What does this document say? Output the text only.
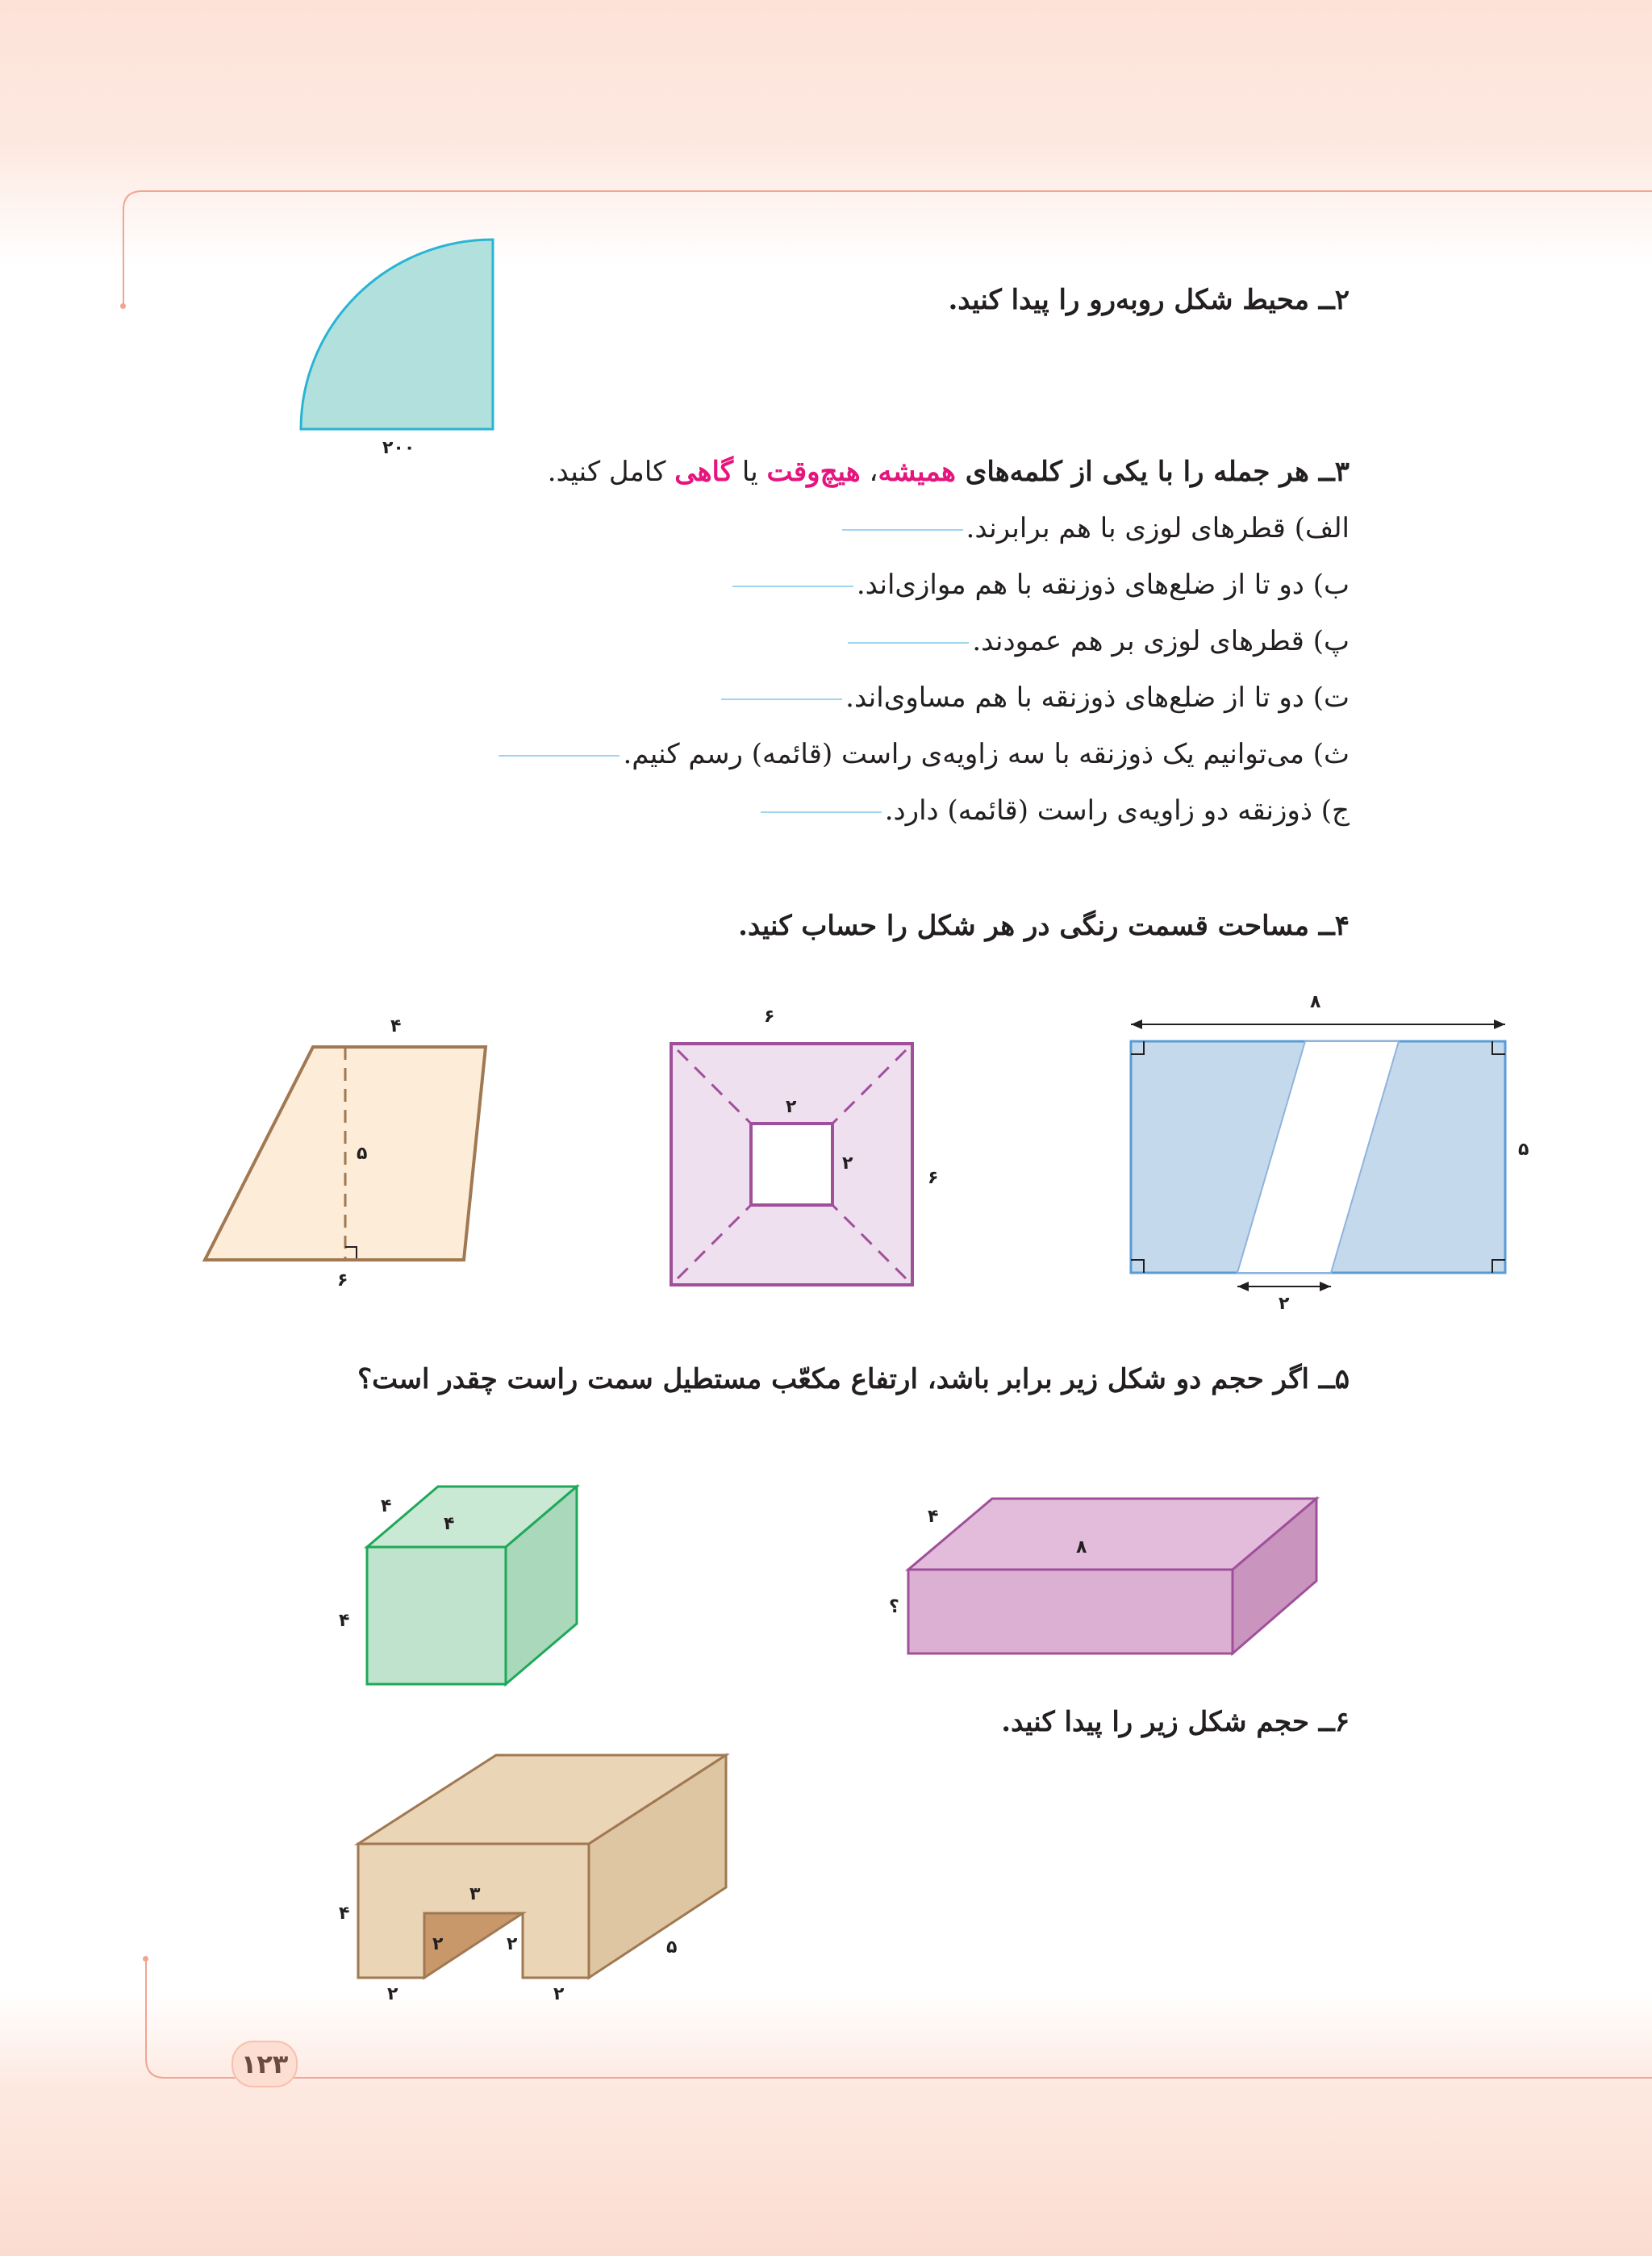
۲ــ محیط شکل روبه‌رو را پیدا کنید.
۲۰۰
۳ــ هر جمله را با یکی از کلمه‌های همیشه، هیچ‌وقت یا گاهی کامل کنید.
الف) قطرهای لوزی با هم برابرند.
ب) دو تا از ضلع‌های ذوزنقه با هم موازی‌اند.
پ) قطرهای لوزی بر هم عمودند.
ت) دو تا از ضلع‌های ذوزنقه با هم مساوی‌اند.
ث) می‌توانیم یک ذوزنقه با سه زاویه‌ی راست (قائمه) رسم کنیم.
ج) ذوزنقه دو زاویه‌ی راست (قائمه) دارد.
۴ــ مساحت قسمت رنگی در هر شکل را حساب کنید.
۸
۵
۲
۶
۶
۲
۲
۴
۵
۶
۵ــ اگر حجم دو شکل زیر برابر باشد، ارتفاع مکعّب مستطیل سمت راست چقدر است؟
۴
۸
؟
۴
۴
۴
۶ــ حجم شکل زیر را پیدا کنید.
۴
۳
۲	۲	۵
۲	۲
۱۲۳
